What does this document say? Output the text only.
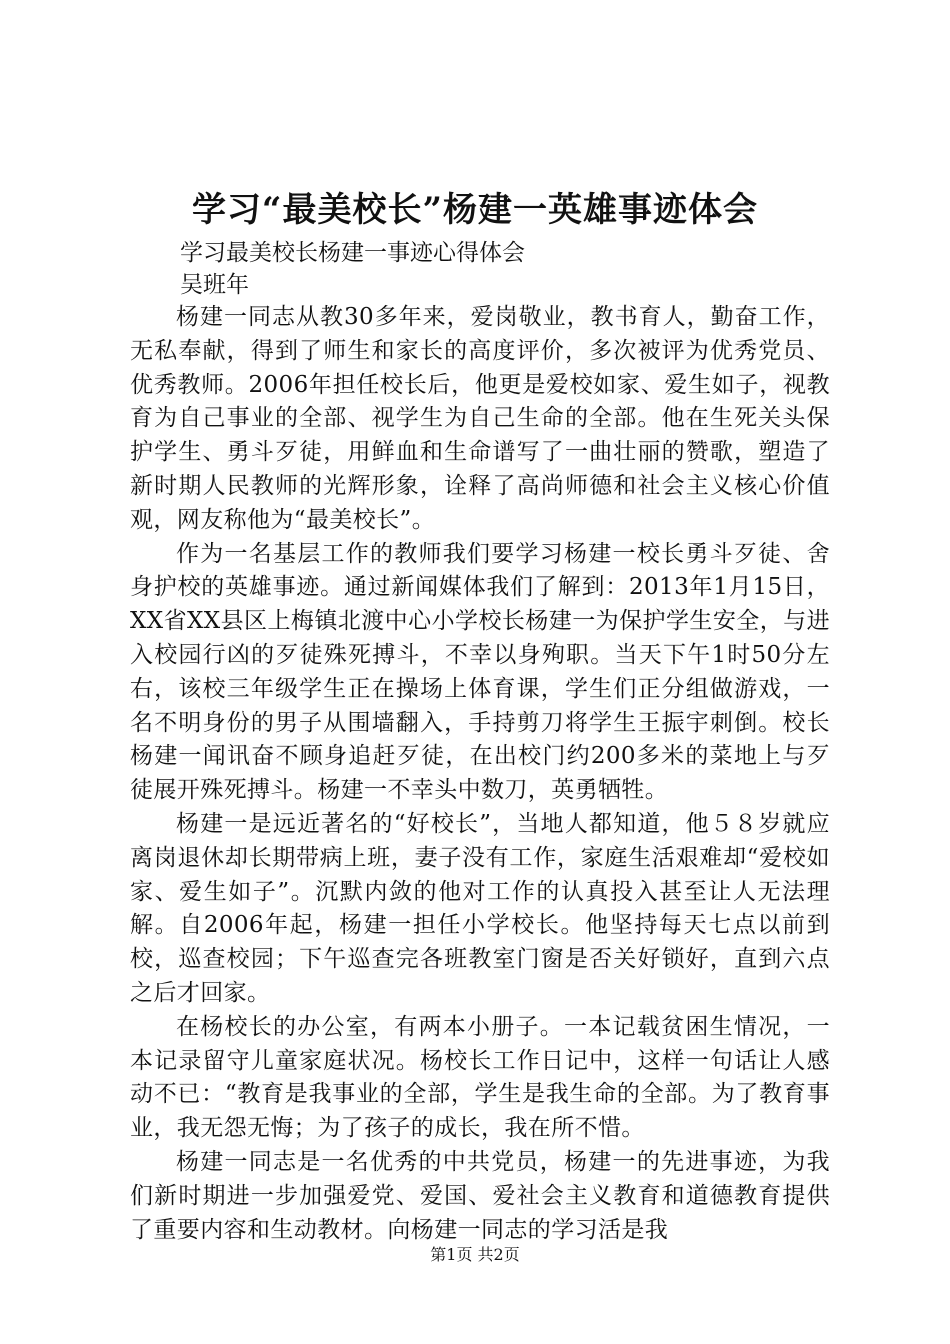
学习“最美校长”杨建一英雄事迹体会

学习最美校长杨建一事迹心得体会

吴班年

杨建一同志从教30多年来，爱岗敬业，教书育人，勤奋工作，无私奉献，得到了师生和家长的高度评价，多次被评为优秀党员、优秀教师。2006年担任校长后，他更是爱校如家、爱生如子，视教育为自己事业的全部、视学生为自己生命的全部。他在生死关头保护学生、勇斗歹徒，用鲜血和生命谱写了一曲壮丽的赞歌，塑造了新时期人民教师的光辉形象，诠释了高尚师德和社会主义核心价值观，网友称他为“最美校长”。

作为一名基层工作的教师我们要学习杨建一校长勇斗歹徒、舍身护校的英雄事迹。通过新闻媒体我们了解到：2013年1月15日，XX省XX县区上梅镇北渡中心小学校长杨建一为保护学生安全，与进入校园行凶的歹徒殊死搏斗，不幸以身殉职。当天下午1时50分左右，该校三年级学生正在操场上体育课，学生们正分组做游戏，一名不明身份的男子从围墙翻入，手持剪刀将学生王振宇刺倒。校长杨建一闻讯奋不顾身追赶歹徒，在出校门约200多米的菜地上与歹徒展开殊死搏斗。杨建一不幸头中数刀，英勇牺牲。

杨建一是远近著名的“好校长”，当地人都知道，他５８岁就应离岗退休却长期带病上班，妻子没有工作，家庭生活艰难却“爱校如家、爱生如子”。沉默内敛的他对工作的认真投入甚至让人无法理解。自2006年起，杨建一担任小学校长。他坚持每天七点以前到校，巡查校园；下午巡查完各班教室门窗是否关好锁好，直到六点之后才回家。

在杨校长的办公室，有两本小册子。一本记载贫困生情况，一本记录留守儿童家庭状况。杨校长工作日记中，这样一句话让人感动不已：“教育是我事业的全部，学生是我生命的全部。为了教育事业，我无怨无悔；为了孩子的成长，我在所不惜。

杨建一同志是一名优秀的中共党员，杨建一的先进事迹，为我们新时期进一步加强爱党、爱国、爱社会主义教育和道德教育提供了重要内容和生动教材。向杨建一同志的学习活是我

第1页 共2页
